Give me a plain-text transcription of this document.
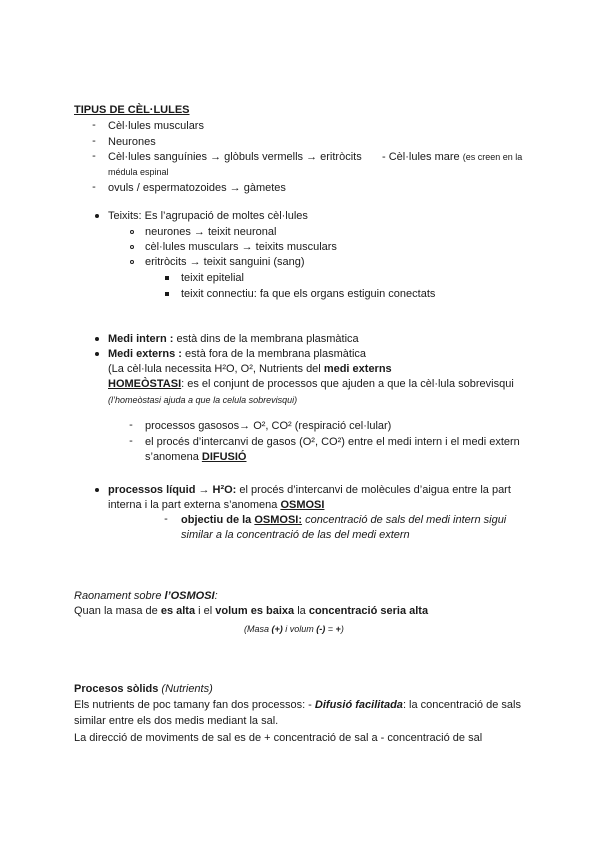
TIPUS DE CÈL·LULES
- Cèl·lules musculars
- Neurones
- Cèl·lules sanguínies → glòbuls vermells → eritròcits - Cèl·lules mare (es creen en la
médula espinal
- ovuls / espermatozoides → gàmetes
Teixits: Es l’agrupació de moltes cèl·lules
neurones → teixit neuronal
cèl·lules musculars → teixits musculars
eritròcits → teixit sanguini (sang)
teixit epitelial
teixit connectiu: fa que els organs estiguin conectats
Medi intern : està dins de la membrana plasmàtica
Medi externs : està fora de la membrana plasmàtica
(La cèl·lula necessita H²O, O², Nutrients del medi externs
HOMEÒSTASI: es el conjunt de processos que ajuden a que la cèl·lula sobrevisqui
(l’homeòstasi ajuda a que la celula sobrevisqui)
- processos gasosos→ O², CO² (respiració cel·lular)
- el procés d’intercanvi de gasos (O², CO²) entre el medi intern i el medi extern
s’anomena DIFUSIÓ
processos líquid → H²O: el procés d’intercanvi de molècules d’aigua entre la part
interna i la part externa s’anomena OSMOSI
- objectiu de la OSMOSI: concentració de sals del medi intern sigui
similar a la concentració de las del medi extern
Raonament sobre l’OSMOSI:
Quan la masa de es alta i el volum es baixa la concentració seria alta
(Masa (+) i volum (-) = +)
Procesos sòlids (Nutrients)
Els nutrients de poc tamany fan dos processos: - Difusió facilitada: la concentració de sals
similar entre els dos medis mediant la sal.
La direcció de moviments de sal es de + concentració de sal a - concentració de sal
